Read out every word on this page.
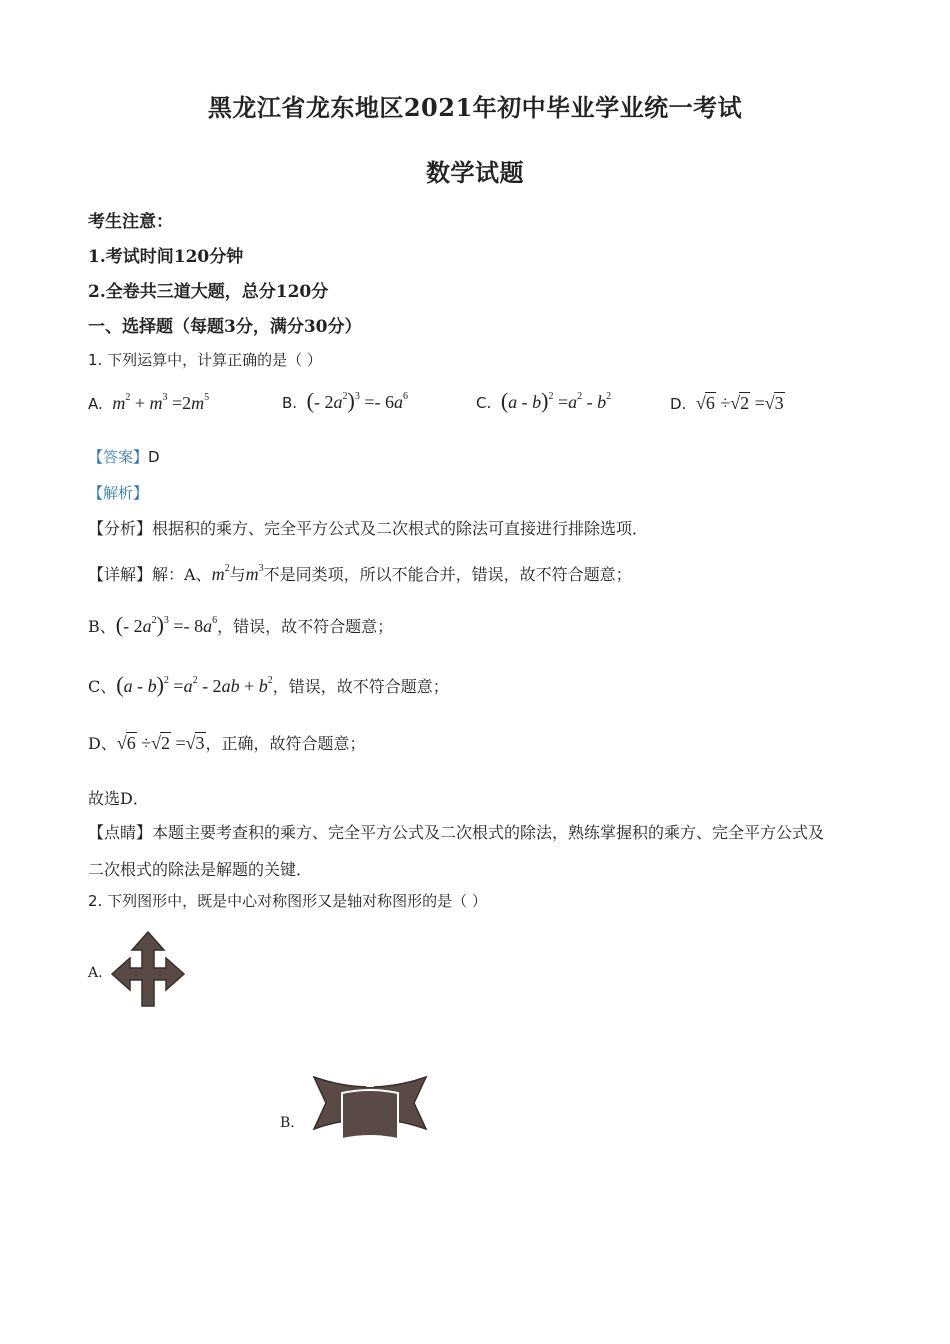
黑龙江省龙东地区2021年初中毕业学业统一考试
数学试题
考生注意：
1.考试时间120分钟
2.全卷共三道大题，总分120分
一、选择题（每题3分，满分30分）
1. 下列运算中，计算正确的是（ ）
A.  $m^2 + m^3 =2m^5$	B. (- $2a^2)^3 =- 6a^6$	C. $(a - b)^2 =a^2 - b^2$	D.  √6 ÷√2 =√3
【答案】D
【解析】
【分析】根据积的乘方、完全平方公式及二次根式的除法可直接进行排除选项．
【详解】解：A、$m^2$与$m^3$不是同类项，所以不能合并，错误，故不符合题意；
B、(- $2a^2)^3 =- 8a^6$，错误，故不符合题意；
C、$(a - b)^2 =a^2 - 2ab + b^2$，错误，故不符合题意；
D、√6 ÷√2 =√3，正确，故符合题意；
故选D．
【点睛】本题主要考查积的乘方、完全平方公式及二次根式的除法，熟练掌握积的乘方、完全平方公式及
二次根式的除法是解题的关键．
2. 下列图形中，既是中心对称图形又是轴对称图形的是（ ）
A.
B.
